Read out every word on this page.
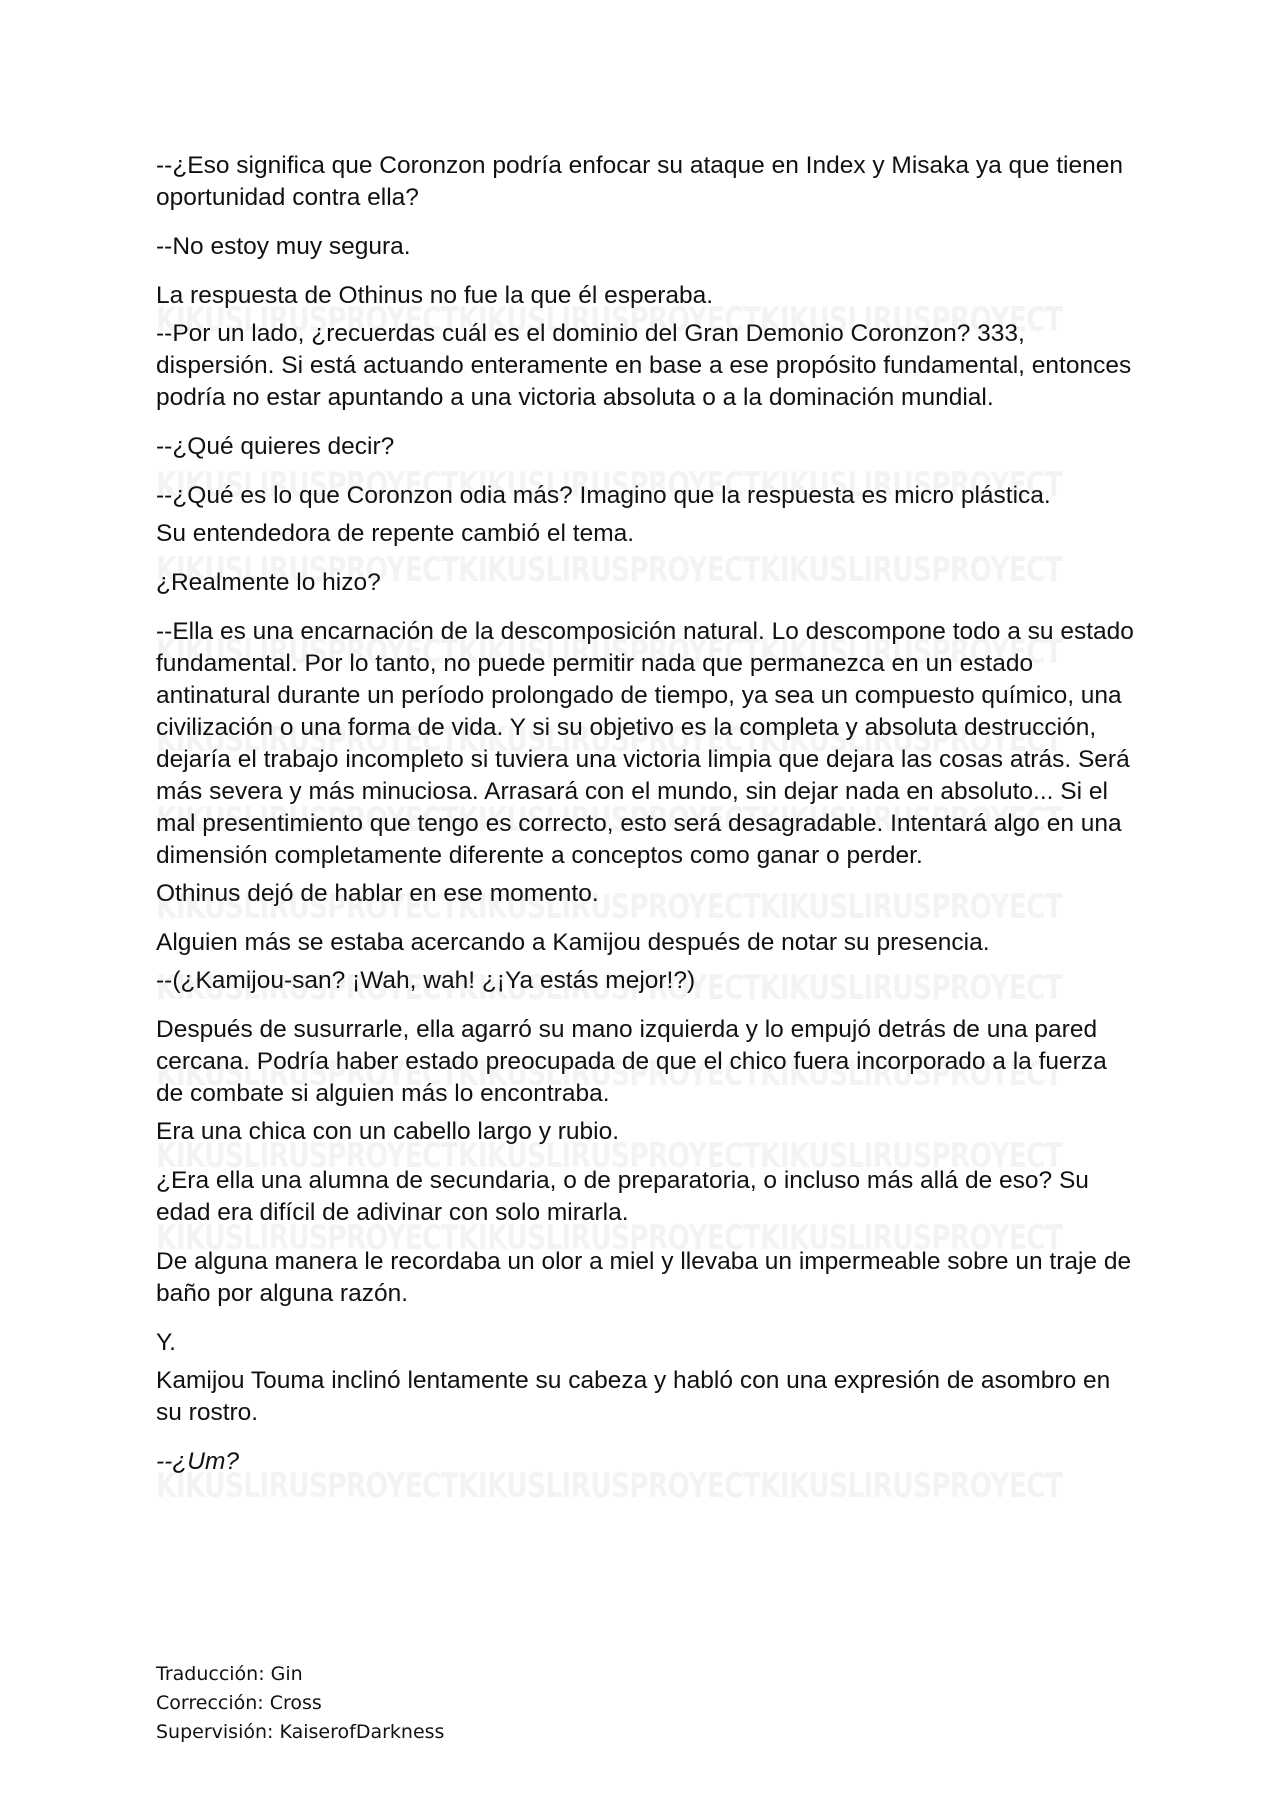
--¿Eso significa que Coronzon podría enfocar su ataque en Index y Misaka ya que tienen oportunidad contra ella?

--No estoy muy segura.

La respuesta de Othinus no fue la que él esperaba.

--Por un lado, ¿recuerdas cuál es el dominio del Gran Demonio Coronzon? 333, dispersión. Si está actuando enteramente en base a ese propósito fundamental, entonces podría no estar apuntando a una victoria absoluta o a la dominación mundial.

--¿Qué quieres decir?

--¿Qué es lo que Coronzon odia más? Imagino que la respuesta es micro plástica.

Su entendedora de repente cambió el tema.

¿Realmente lo hizo?

--Ella es una encarnación de la descomposición natural. Lo descompone todo a su estado fundamental. Por lo tanto, no puede permitir nada que permanezca en un estado antinatural durante un período prolongado de tiempo, ya sea un compuesto químico, una civilización o una forma de vida. Y si su objetivo es la completa y absoluta destrucción, dejaría el trabajo incompleto si tuviera una victoria limpia que dejara las cosas atrás. Será más severa y más minuciosa. Arrasará con el mundo, sin dejar nada en absoluto... Si el mal presentimiento que tengo es correcto, esto será desagradable. Intentará algo en una dimensión completamente diferente a conceptos como ganar o perder.

Othinus dejó de hablar en ese momento.

Alguien más se estaba acercando a Kamijou después de notar su presencia.

--(¿Kamijou-san? ¡Wah, wah! ¿¡Ya estás mejor!?)

Después de susurrarle, ella agarró su mano izquierda y lo empujó detrás de una pared cercana. Podría haber estado preocupada de que el chico fuera incorporado a la fuerza de combate si alguien más lo encontraba.

Era una chica con un cabello largo y rubio.

¿Era ella una alumna de secundaria, o de preparatoria, o incluso más allá de eso? Su edad era difícil de adivinar con solo mirarla.

De alguna manera le recordaba un olor a miel y llevaba un impermeable sobre un traje de baño por alguna razón.

Y.

Kamijou Touma inclinó lentamente su cabeza y habló con una expresión de asombro en su rostro.

--¿Um?

Traducción: Gin

Corrección: Cross

Supervisión: KaiserofDarkness
